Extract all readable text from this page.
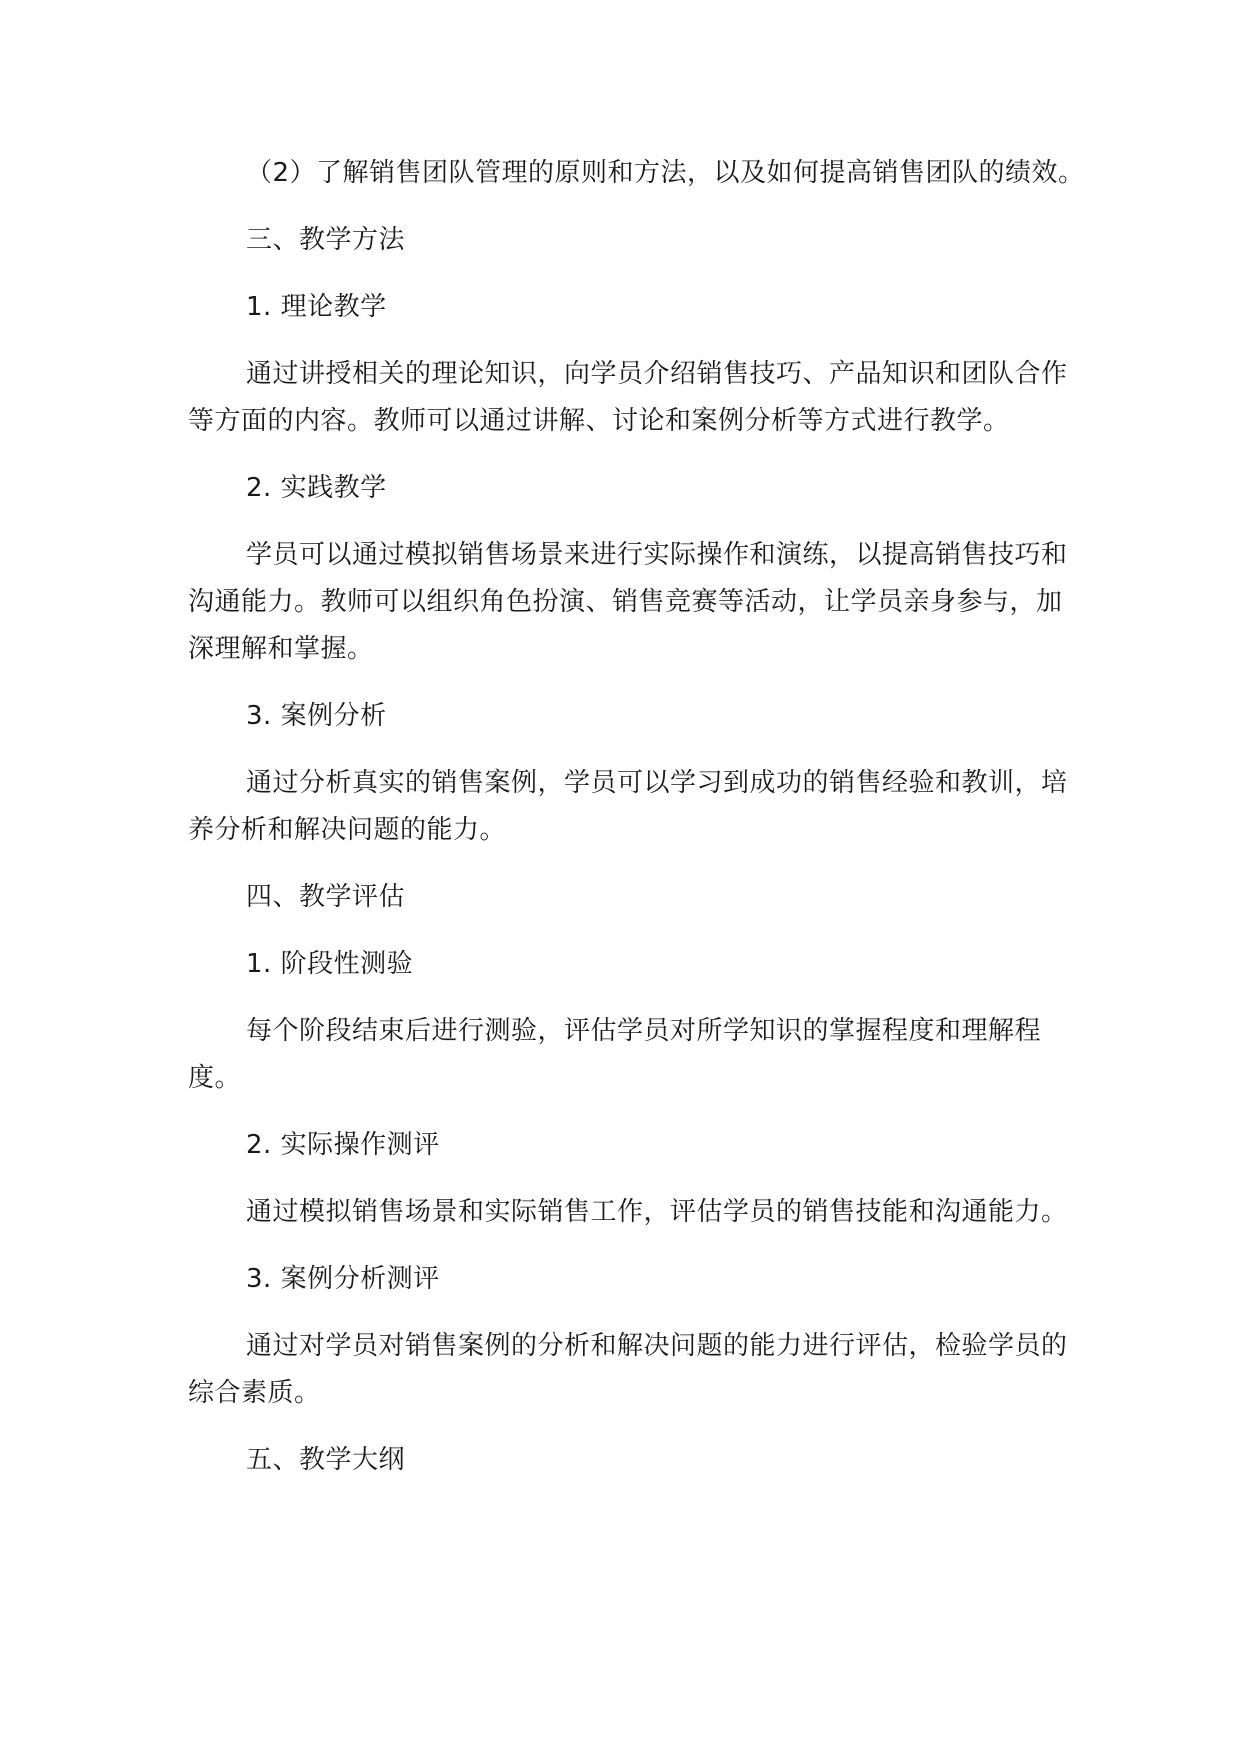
（2）了解销售团队管理的原则和方法，以及如何提高销售团队的绩效。

三、教学方法

1. 理论教学

通过讲授相关的理论知识，向学员介绍销售技巧、产品知识和团队合作等方面的内容。教师可以通过讲解、讨论和案例分析等方式进行教学。

2. 实践教学

学员可以通过模拟销售场景来进行实际操作和演练，以提高销售技巧和沟通能力。教师可以组织角色扮演、销售竞赛等活动，让学员亲身参与，加深理解和掌握。

3. 案例分析

通过分析真实的销售案例，学员可以学习到成功的销售经验和教训，培养分析和解决问题的能力。

四、教学评估

1. 阶段性测验

每个阶段结束后进行测验，评估学员对所学知识的掌握程度和理解程度。

2. 实际操作测评

通过模拟销售场景和实际销售工作，评估学员的销售技能和沟通能力。

3. 案例分析测评

通过对学员对销售案例的分析和解决问题的能力进行评估，检验学员的综合素质。

五、教学大纲
